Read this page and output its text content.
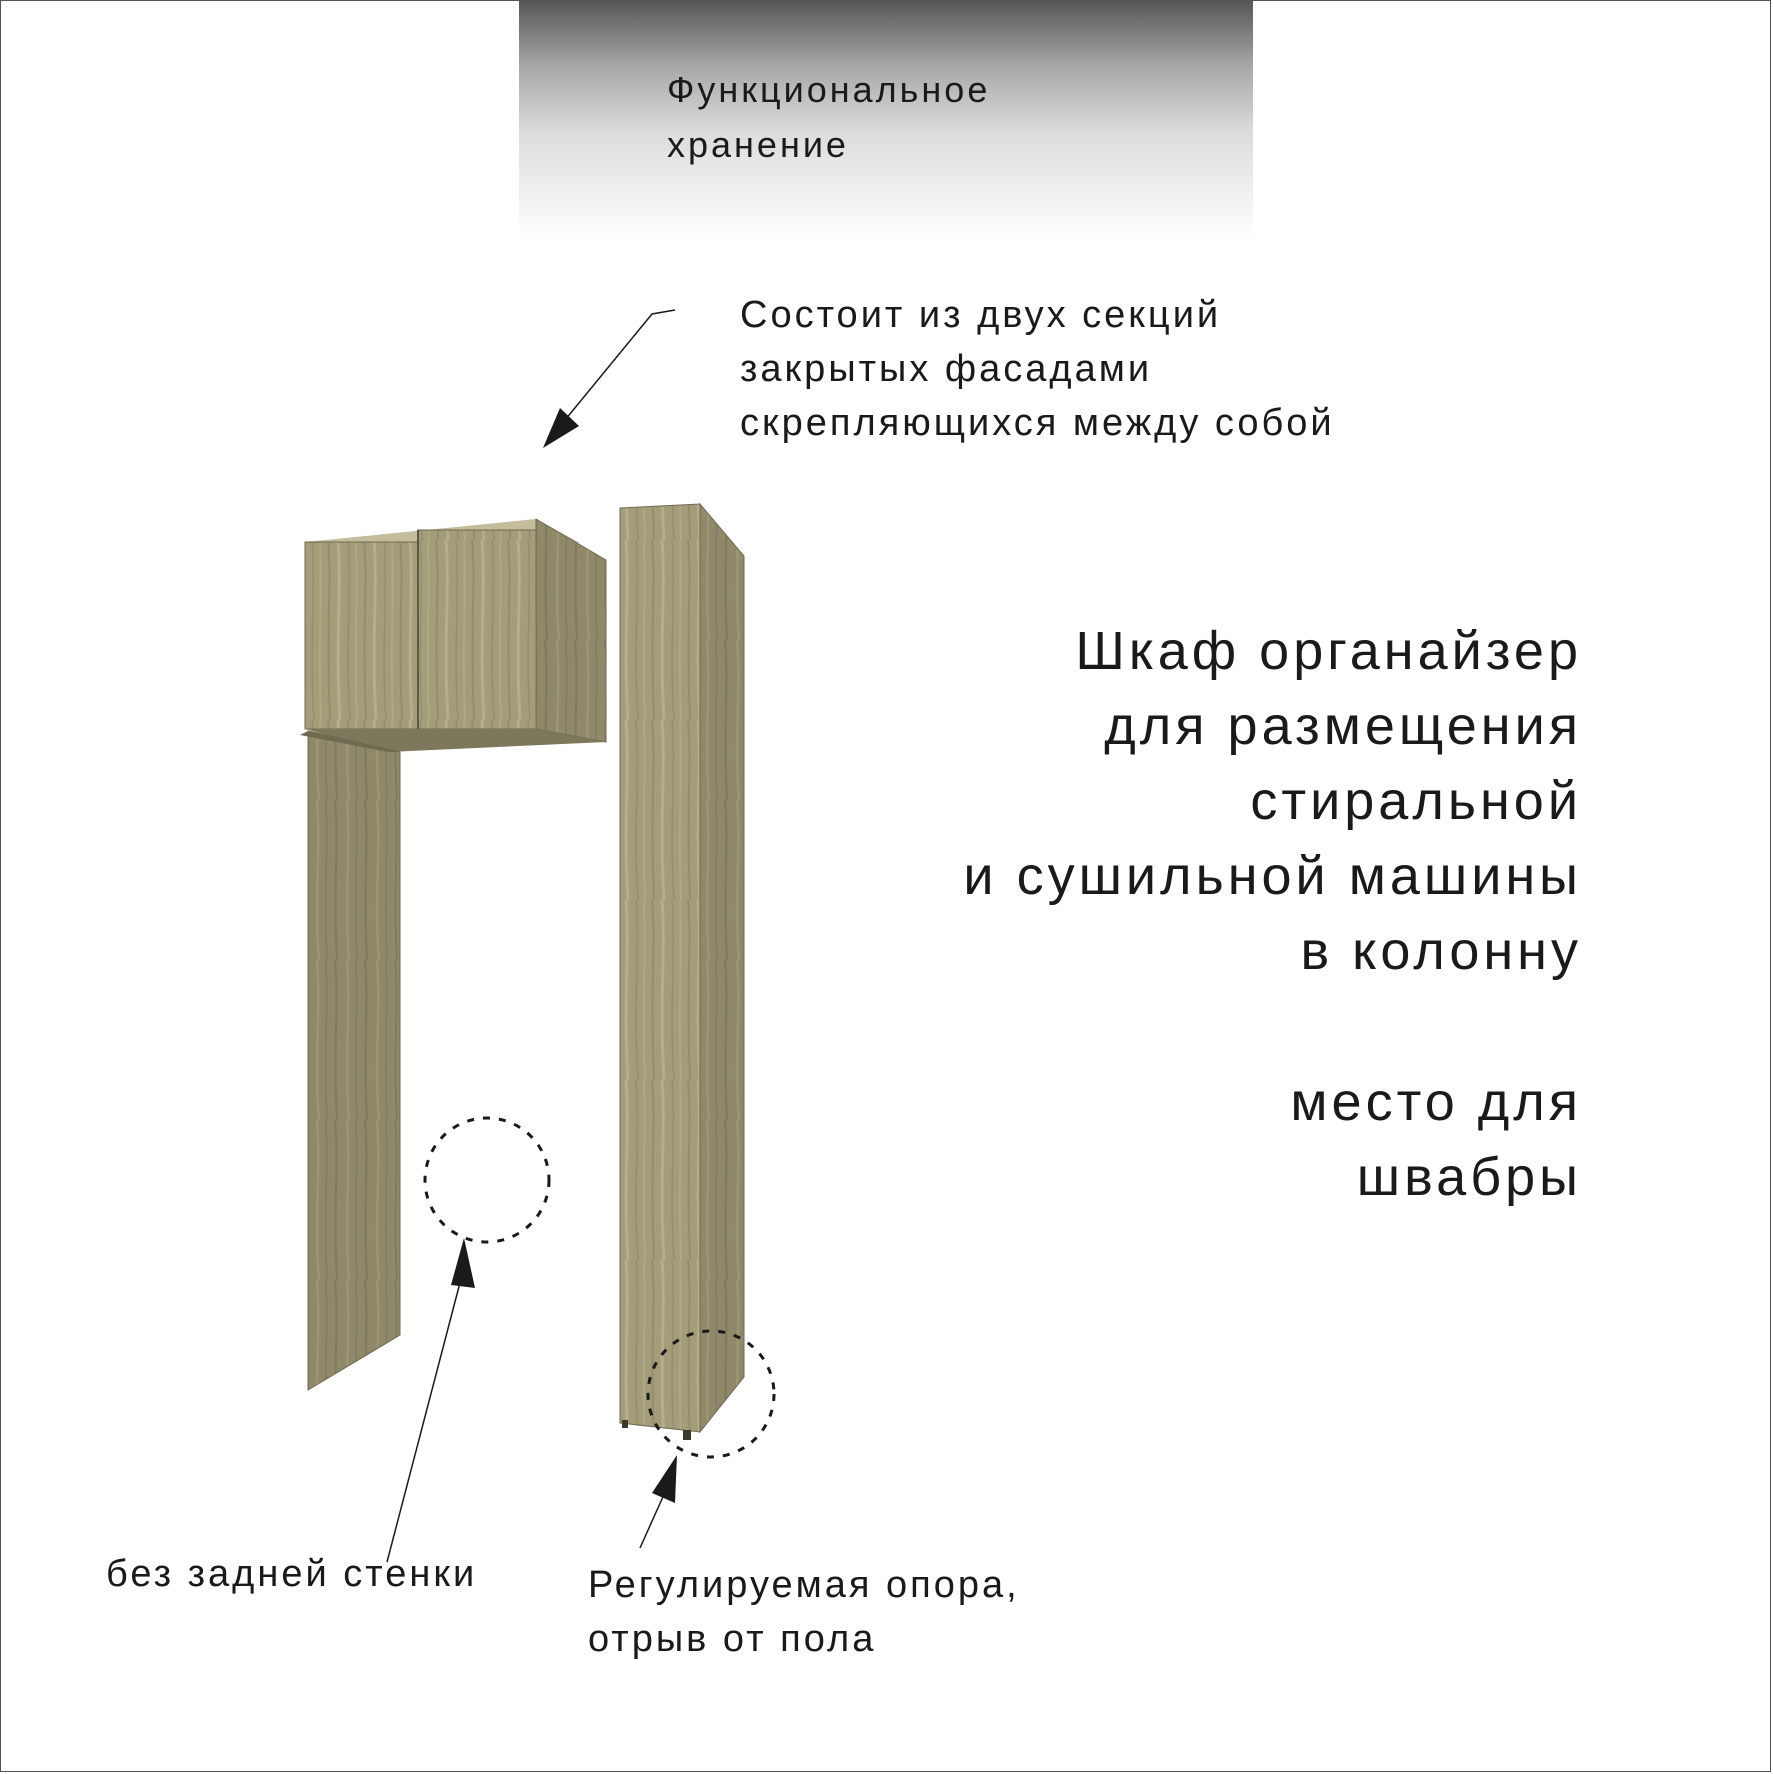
Функциональное
хранение
Состоит из двух секций
закрытых фасадами
скрепляющихся между собой
Шкаф органайзер
для размещения
стиральной
и сушильной машины
в колонну
место для
швабры
без задней стенки	Регулируемая опора,
отрыв от пола
